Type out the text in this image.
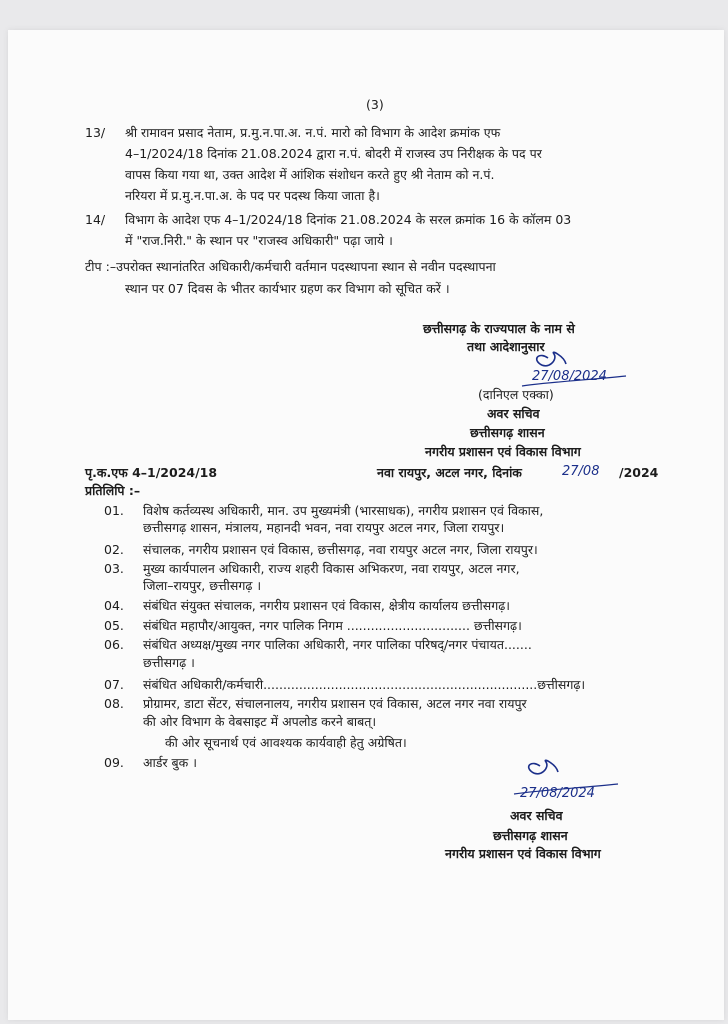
(3)
13/ श्री रामावन प्रसाद नेताम, प्र.मु.न.पा.अ. न.पं. मारो को विभाग के आदेश क्रमांक एफ
4–1/2024/18 दिनांक 21.08.2024 द्वारा न.पं. बोदरी में राजस्व उप निरीक्षक के पद पर
वापस किया गया था, उक्त आदेश में आंशिक संशोधन करते हुए श्री नेताम को न.पं.
नरियरा में प्र.मु.न.पा.अ. के पद पर पदस्थ किया जाता है।
14/ विभाग के आदेश एफ 4–1/2024/18 दिनांक 21.08.2024 के सरल क्रमांक 16 के कॉलम 03
में "राज.निरी." के स्थान पर "राजस्व अधिकारी" पढ़ा जाये ।
टीप :–उपरोक्त स्थानांतरित अधिकारी/कर्मचारी वर्तमान पदस्थापना स्थान से नवीन पदस्थापना
स्थान पर 07 दिवस के भीतर कार्यभार ग्रहण कर विभाग को सूचित करें ।
छत्तीसगढ़ के राज्यपाल के नाम से
तथा आदेशानुसार
27/08/2024
(दानिएल एक्का)
अवर सचिव
छत्तीसगढ़ शासन
नगरीय प्रशासन एवं विकास विभाग
नवा रायपुर, अटल नगर, दिनांक	27/08 /2024
पृ.क.एफ 4–1/2024/18
प्रतिलिपि :–
01. विशेष कर्तव्यस्थ अधिकारी, मान. उप मुख्यमंत्री (भारसाधक), नगरीय प्रशासन एवं विकास,
छत्तीसगढ़ शासन, मंत्रालय, महानदी भवन, नवा रायपुर अटल नगर, जिला रायपुर।
02. संचालक, नगरीय प्रशासन एवं विकास, छत्तीसगढ़, नवा रायपुर अटल नगर, जिला रायपुर।
03. मुख्य कार्यपालन अधिकारी, राज्य शहरी विकास अभिकरण, नवा रायपुर, अटल नगर,
जिला–रायपुर, छत्तीसगढ़ ।
04. संबंधित संयुक्त संचालक, नगरीय प्रशासन एवं विकास, क्षेत्रीय कार्यालय छत्तीसगढ़।
05. संबंधित महापौर/आयुक्त, नगर पालिक निगम ............................... छत्तीसगढ़।
06. संबंधित अध्यक्ष/मुख्य नगर पालिका अधिकारी, नगर पालिका परिषद्/नगर पंचायत.......
छत्तीसगढ़ ।
07. संबंधित अधिकारी/कर्मचारी.....................................................................छत्तीसगढ़।
08. प्रोग्रामर, डाटा सेंटर, संचालनालय, नगरीय प्रशासन एवं विकास, अटल नगर नवा रायपुर
की ओर विभाग के वेबसाइट में अपलोड करने बाबत्।
की ओर सूचनार्थ एवं आवश्यक कार्यवाही हेतु अग्रेषित।
09. आर्डर बुक ।
27/08/2024
अवर सचिव
छत्तीसगढ़ शासन
नगरीय प्रशासन एवं विकास विभाग
